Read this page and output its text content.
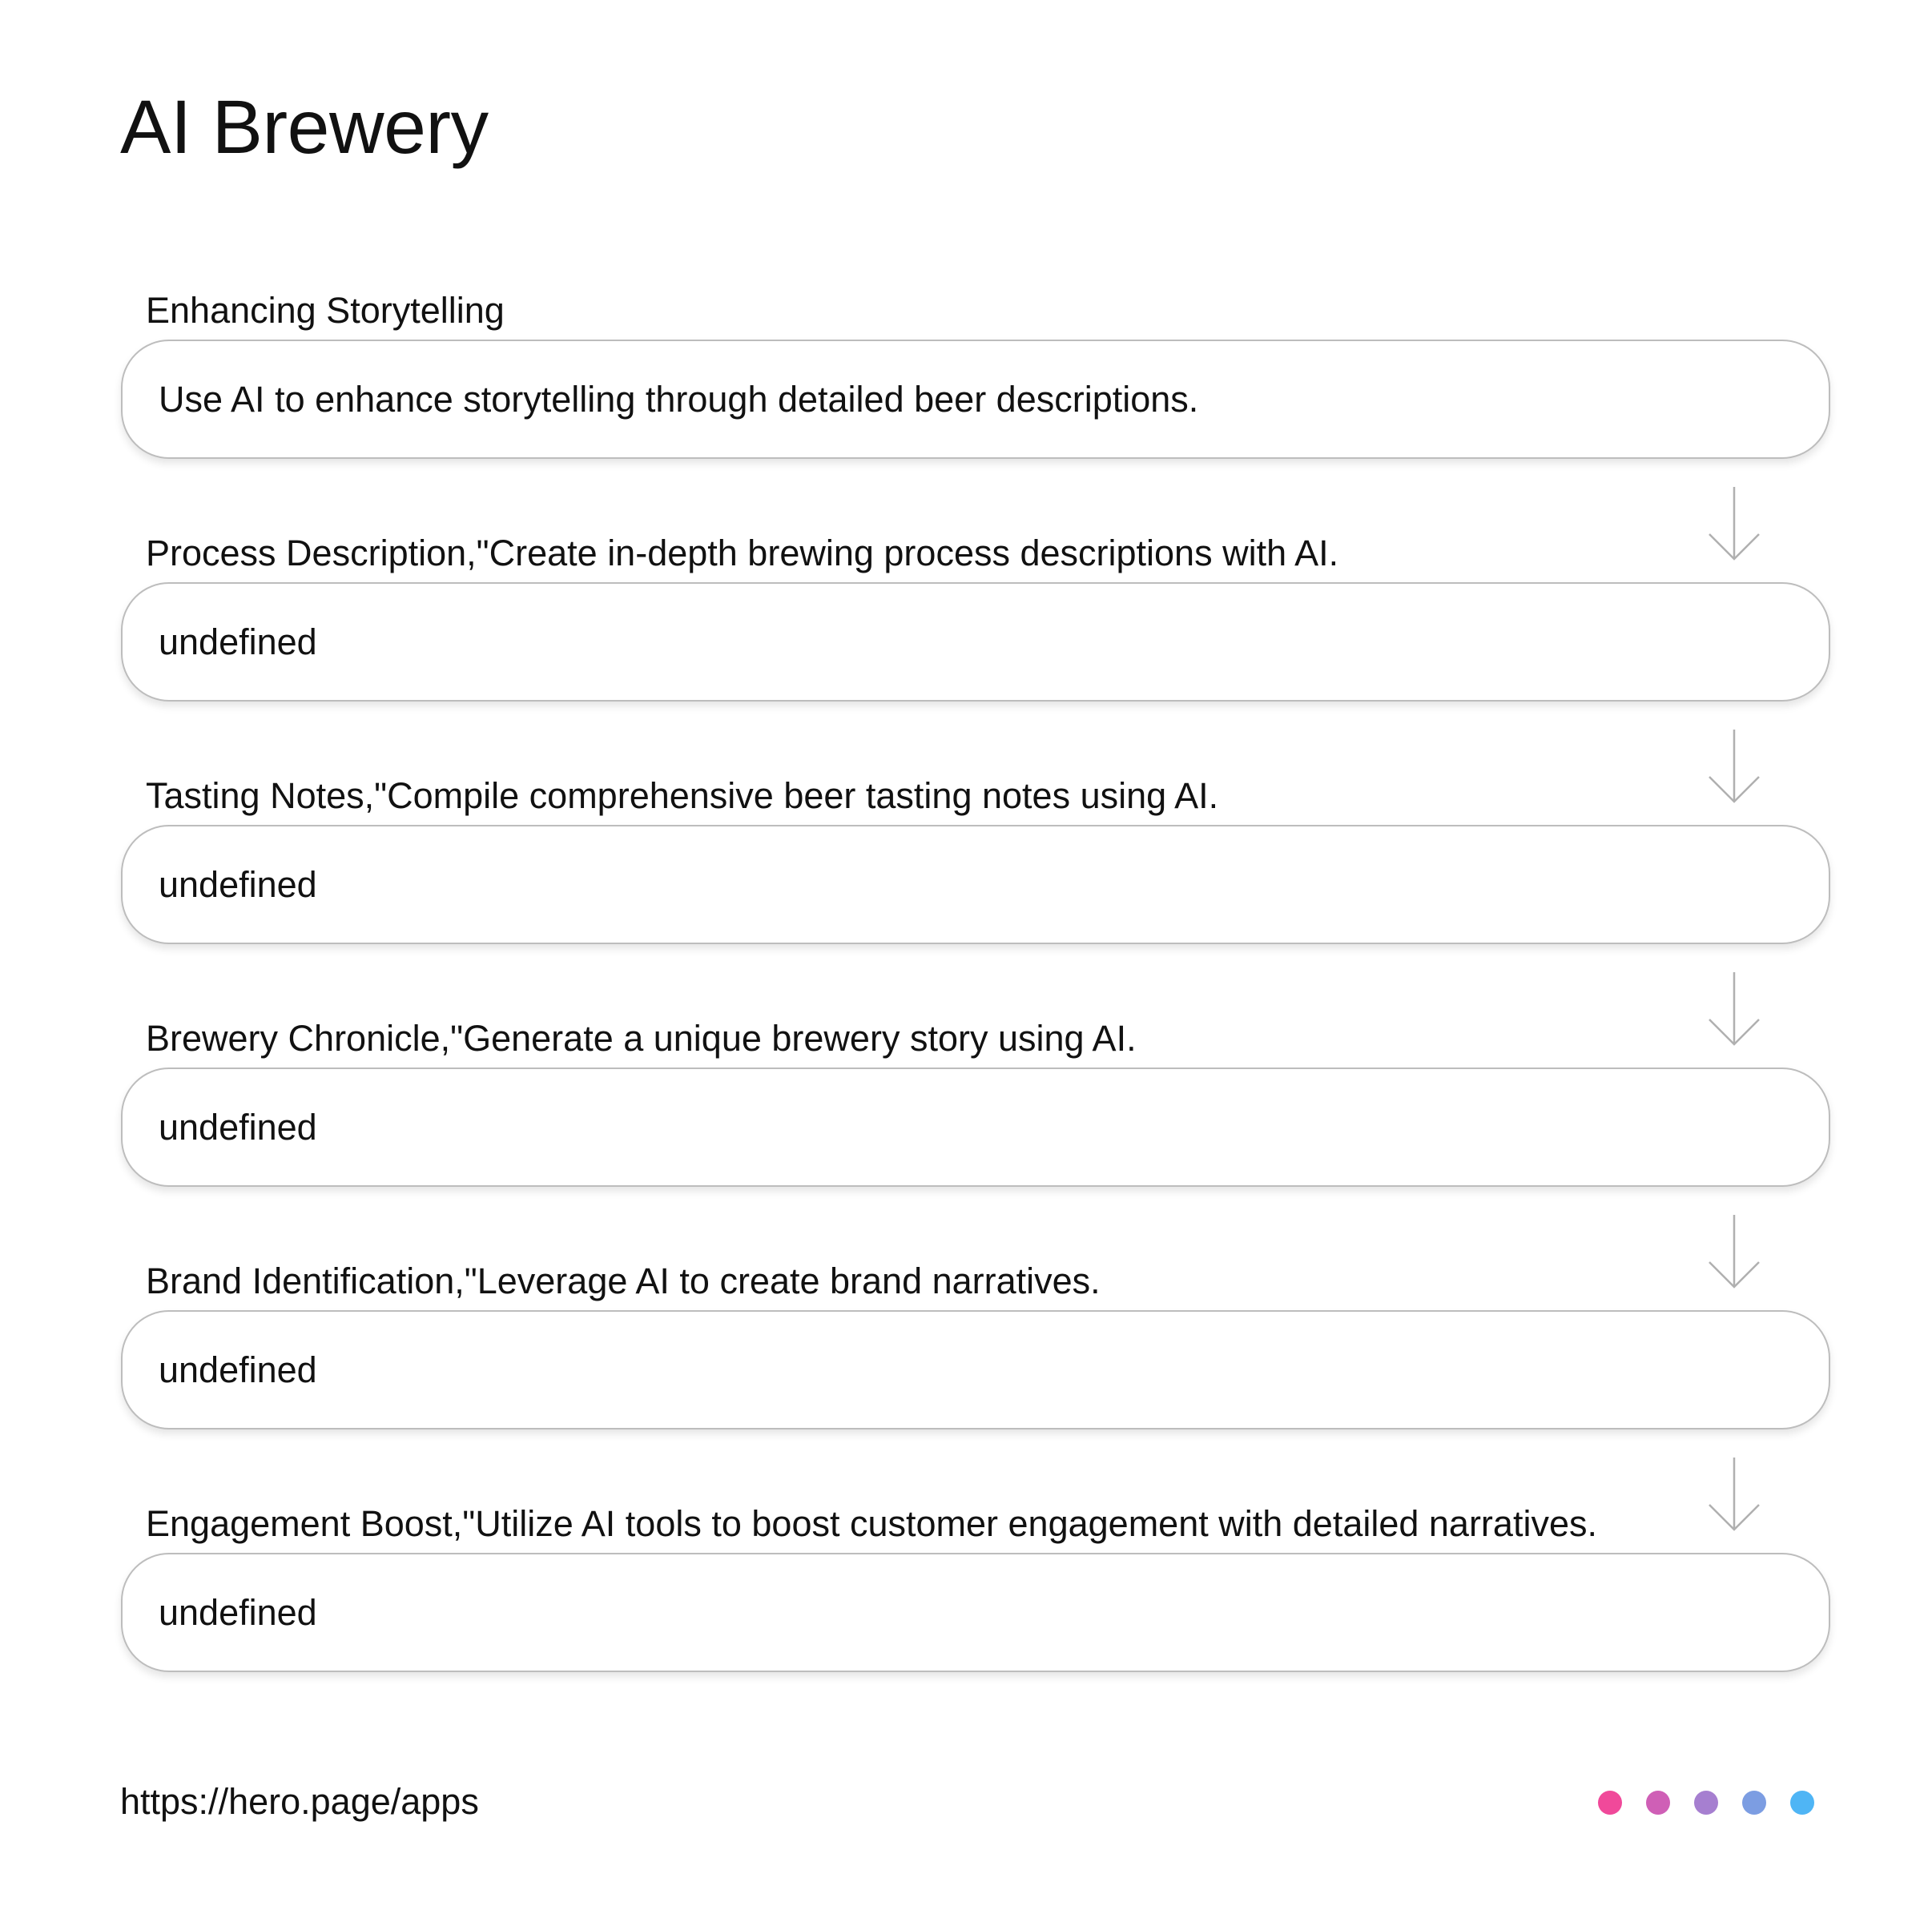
AI Brewery
Enhancing Storytelling
Use AI to enhance storytelling through detailed beer descriptions.
Process Description,"Create in-depth brewing process descriptions with AI.
undefined
Tasting Notes,"Compile comprehensive beer tasting notes using AI.
undefined
Brewery Chronicle,"Generate a unique brewery story using AI.
undefined
Brand Identification,"Leverage AI to create brand narratives.
undefined
Engagement Boost,"Utilize AI tools to boost customer engagement with detailed narratives.
undefined
https://hero.page/apps
